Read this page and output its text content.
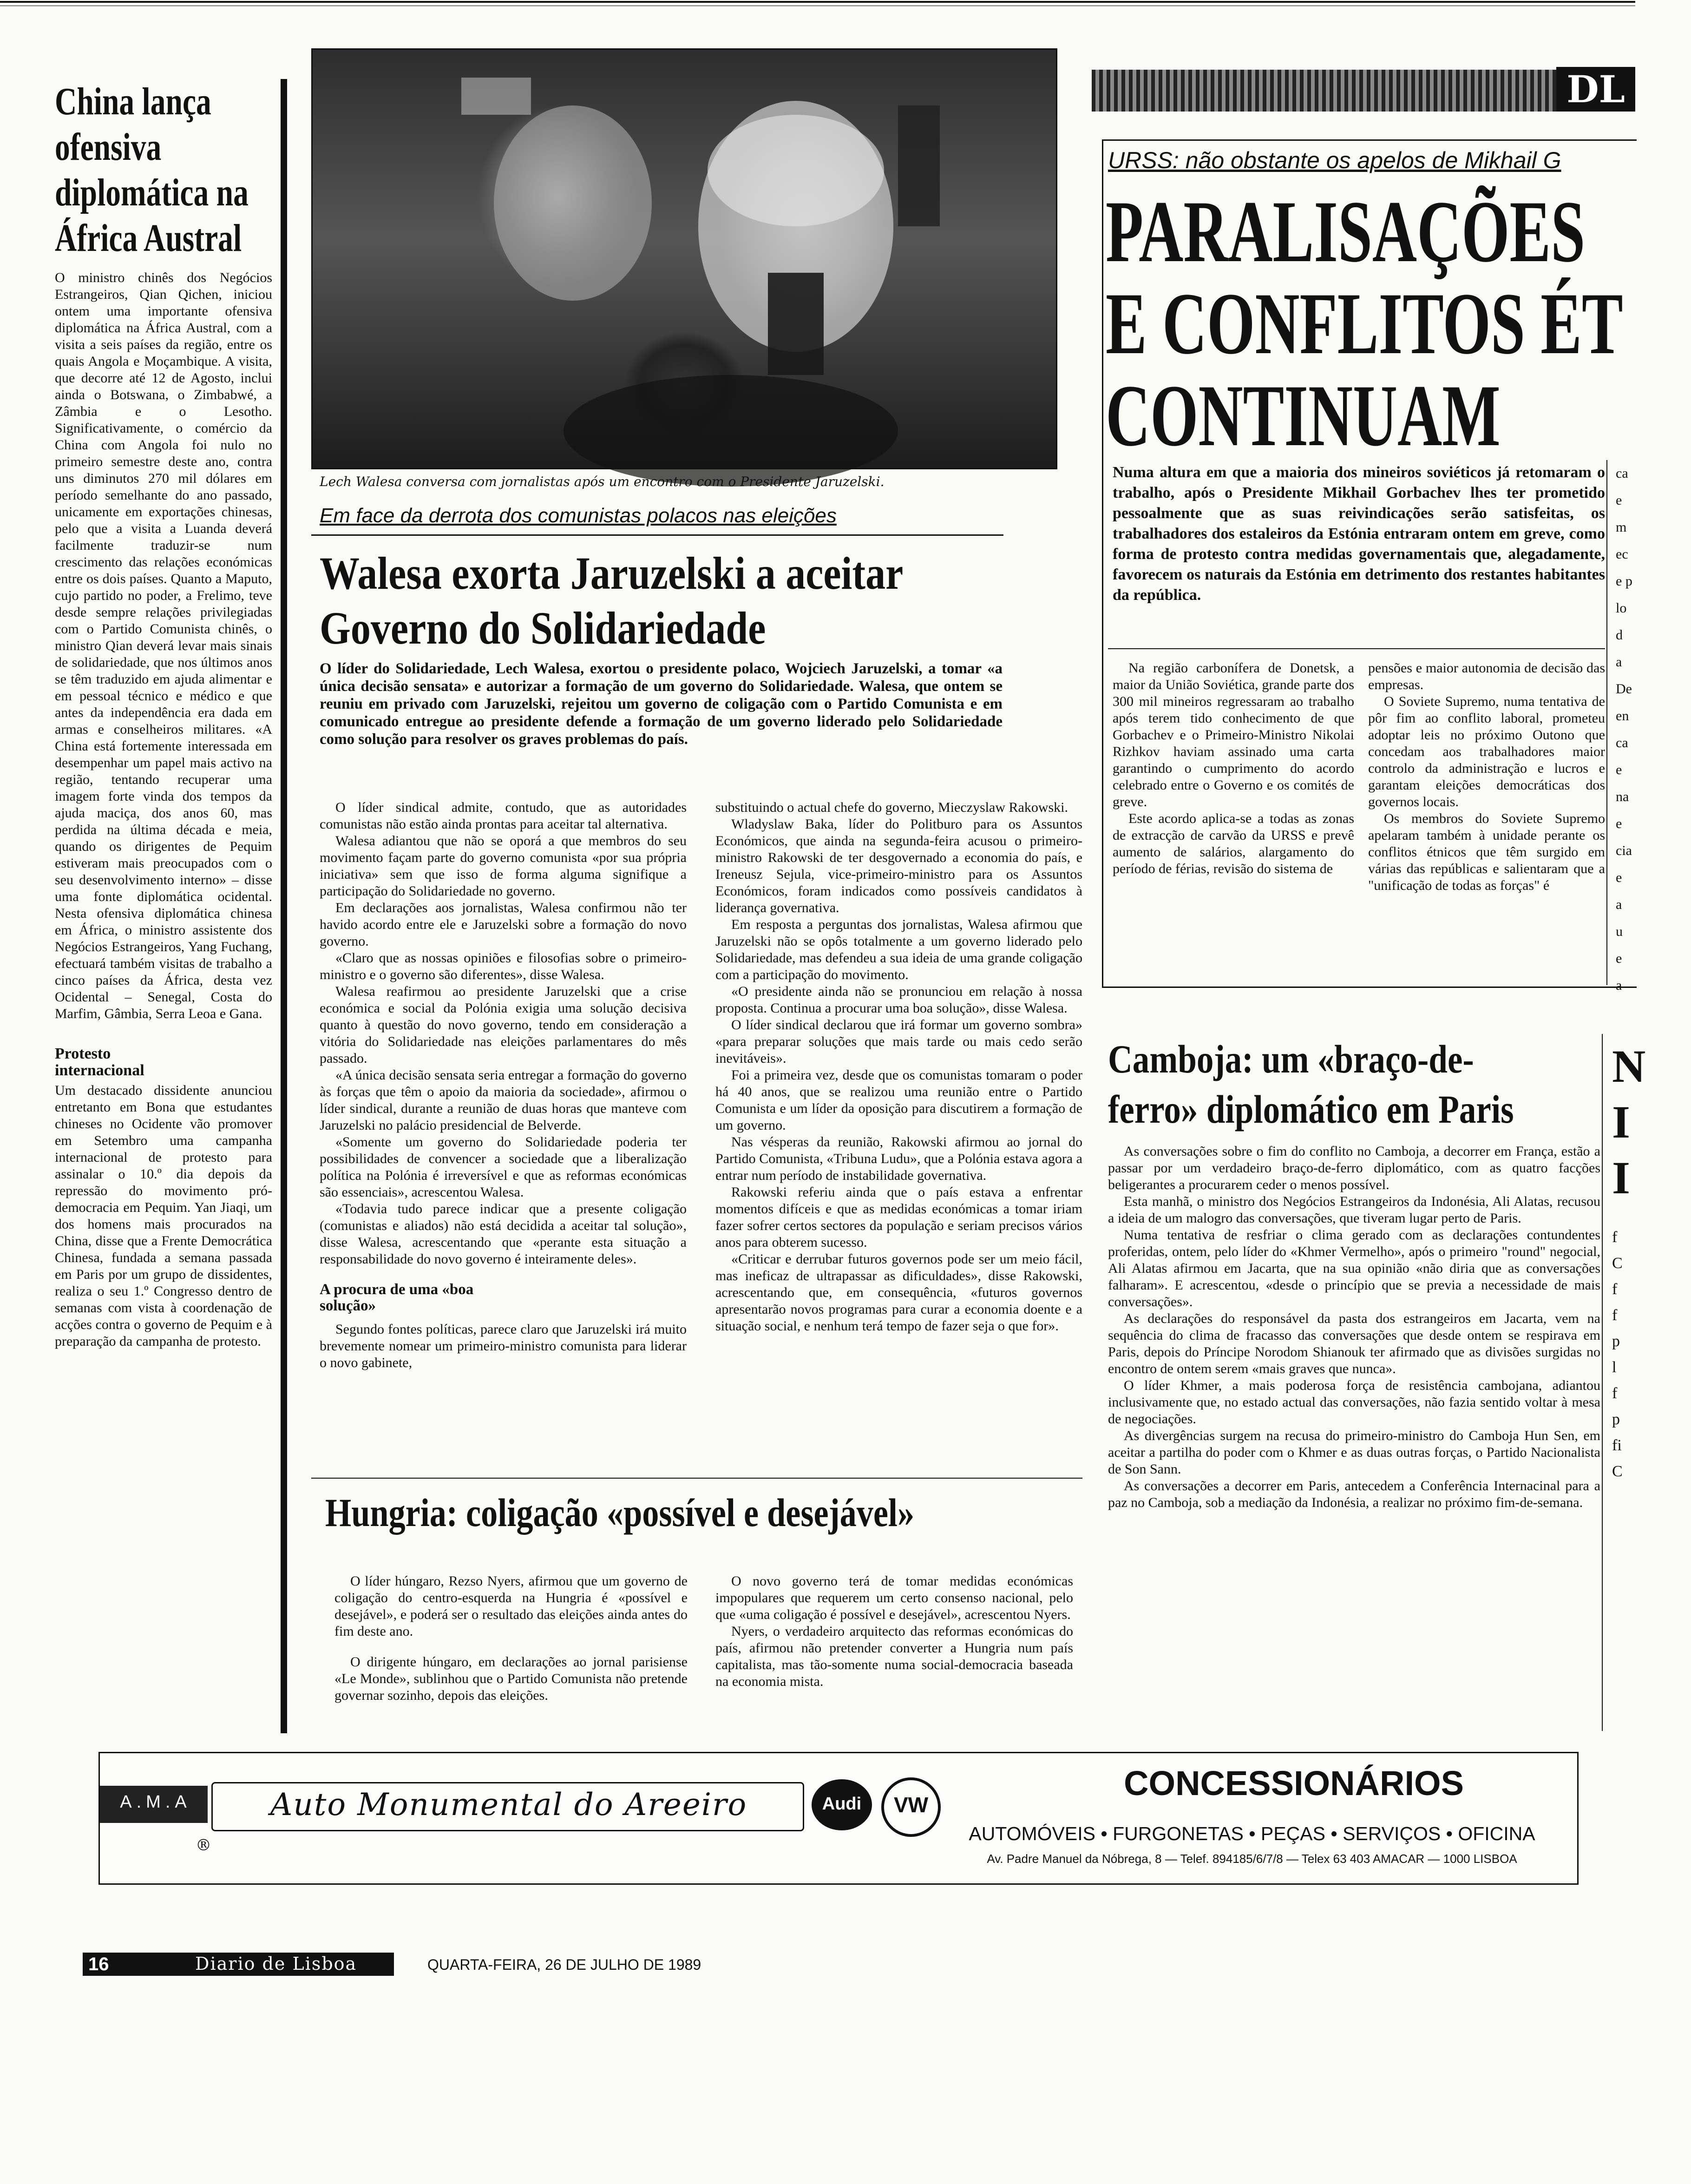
China lança ofensiva diplomática na África Austral

O ministro chinês dos Negócios Estrangeiros, Qian Qichen, iniciou ontem uma importante ofensiva diplomática na África Austral, com a visita a seis países da região, entre os quais Angola e Moçambique. A visita, que decorre até 12 de Agosto, inclui ainda o Botswana, o Zimbabwé, a Zâmbia e o Lesotho. Significativamente, o comércio da China com Angola foi nulo no primeiro semestre deste ano, contra uns diminutos 270 mil dólares em período semelhante do ano passado, unicamente em exportações chinesas, pelo que a visita a Luanda deverá facilmente traduzir-se num crescimento das relações económicas entre os dois países. Quanto a Maputo, cujo partido no poder, a Frelimo, teve desde sempre relações privilegiadas com o Partido Comunista chinês, o ministro Qian deverá levar mais sinais de solidariedade, que nos últimos anos se têm traduzido em ajuda alimentar e em pessoal técnico e médico e que antes da independência era dada em armas e conselheiros militares. «A China está fortemente interessada em desempenhar um papel mais activo na região, tentando recuperar uma imagem forte vinda dos tempos da ajuda maciça, dos anos 60, mas perdida na última década e meia, quando os dirigentes de Pequim estiveram mais preocupados com o seu desenvolvimento interno» – disse uma fonte diplomática ocidental. Nesta ofensiva diplomática chinesa em África, o ministro assistente dos Negócios Estrangeiros, Yang Fuchang, efectuará também visitas de trabalho a cinco países da África, desta vez Ocidental – Senegal, Costa do Marfim, Gâmbia, Serra Leoa e Gana.

Protesto internacional

Um destacado dissidente anunciou entretanto em Bona que estudantes chineses no Ocidente vão promover em Setembro uma campanha internacional de protesto para assinalar o 10.º dia depois da repressão do movimento pró-democracia em Pequim. Yan Jiaqi, um dos homens mais procurados na China, disse que a Frente Democrática Chinesa, fundada a semana passada em Paris por um grupo de dissidentes, realiza o seu 1.º Congresso dentro de semanas com vista à coordenação de acções contra o governo de Pequim e à preparação da campanha de protesto.

Lech Walesa conversa com jornalistas após um encontro com o Presidente Jaruzelski.
Em face da derrota dos comunistas polacos nas eleições
Walesa exorta Jaruzelski a aceitar Governo do Solidariedade

O líder do Solidariedade, Lech Walesa, exortou o presidente polaco, Wojciech Jaruzelski, a tomar «a única decisão sensata» e autorizar a formação de um governo do Solidariedade. Walesa, que ontem se reuniu em privado com Jaruzelski, rejeitou um governo de coligação com o Partido Comunista e em comunicado entregue ao presidente defende a formação de um governo liderado pelo Solidariedade como solução para resolver os graves problemas do país.

O líder sindical admite, contudo, que as autoridades comunistas não estão ainda prontas para aceitar tal alternativa.

Walesa adiantou que não se oporá a que membros do seu movimento façam parte do governo comunista «por sua própria iniciativa» sem que isso de forma alguma signifique a participação do Solidariedade no governo.

Em declarações aos jornalistas, Walesa confirmou não ter havido acordo entre ele e Jaruzelski sobre a formação do novo governo.

«Claro que as nossas opiniões e filosofias sobre o primeiro-ministro e o governo são diferentes», disse Walesa.

Walesa reafirmou ao presidente Jaruzelski que a crise económica e social da Polónia exigia uma solução decisiva quanto à questão do novo governo, tendo em consideração a vitória do Solidariedade nas eleições parlamentares do mês passado.

«A única decisão sensata seria entregar a formação do governo às forças que têm o apoio da maioria da sociedade», afirmou o líder sindical, durante a reunião de duas horas que manteve com Jaruzelski no palácio presidencial de Belverde.

«Somente um governo do Solidariedade poderia ter possibilidades de convencer a sociedade que a liberalização política na Polónia é irreversível e que as reformas económicas são essenciais», acrescentou Walesa.

«Todavia tudo parece indicar que a presente coligação (comunistas e aliados) não está decidida a aceitar tal solução», disse Walesa, acrescentando que «perante esta situação a responsabilidade do novo governo é inteiramente deles».

A procura de uma «boa solução»

Segundo fontes políticas, parece claro que Jaruzelski irá muito brevemente nomear um primeiro-ministro comunista para liderar o novo gabinete,

substituindo o actual chefe do governo, Mieczyslaw Rakowski.

Wladyslaw Baka, líder do Politburo para os Assuntos Económicos, que ainda na segunda-feira acusou o primeiro-ministro Rakowski de ter desgovernado a economia do país, e Ireneusz Sejula, vice-primeiro-ministro para os Assuntos Económicos, foram indicados como possíveis candidatos à liderança governativa.

Em resposta a perguntas dos jornalistas, Walesa afirmou que Jaruzelski não se opôs totalmente a um governo liderado pelo Solidariedade, mas defendeu a sua ideia de uma grande coligação com a participação do movimento.

«O presidente ainda não se pronunciou em relação à nossa proposta. Continua a procurar uma boa solução», disse Walesa.

O líder sindical declarou que irá formar um governo sombra» «para preparar soluções que mais tarde ou mais cedo serão inevitáveis».

Foi a primeira vez, desde que os comunistas tomaram o poder há 40 anos, que se realizou uma reunião entre o Partido Comunista e um líder da oposição para discutirem a formação de um governo.

Nas vésperas da reunião, Rakowski afirmou ao jornal do Partido Comunista, «Tribuna Ludu», que a Polónia estava agora a entrar num período de instabilidade governativa.

Rakowski referiu ainda que o país estava a enfrentar momentos difíceis e que as medidas económicas a tomar iriam fazer sofrer certos sectores da população e seriam precisos vários anos para obterem sucesso.

«Criticar e derrubar futuros governos pode ser um meio fácil, mas ineficaz de ultrapassar as dificuldades», disse Rakowski, acrescentando que, em consequência, «futuros governos apresentarão novos programas para curar a economia doente e a situação social, e nenhum terá tempo de fazer seja o que for».

Hungria: coligação «possível e desejável»

O líder húngaro, Rezso Nyers, afirmou que um governo de coligação do centro-esquerda na Hungria é «possível e desejável», e poderá ser o resultado das eleições ainda antes do fim deste ano.

O dirigente húngaro, em declarações ao jornal parisiense «Le Monde», sublinhou que o Partido Comunista não pretende governar sozinho, depois das eleições.

O novo governo terá de tomar medidas económicas impopulares que requerem um certo consenso nacional, pelo que «uma coligação é possível e desejável», acrescentou Nyers.

Nyers, o verdadeiro arquitecto das reformas económicas do país, afirmou não pretender converter a Hungria num país capitalista, mas tão-somente numa social-democracia baseada na economia mista.

DL
URSS: não obstante os apelos de Mikhail G
PARALISAÇÕES
E CONFLITOS ÉT
CONTINUAM

Numa altura em que a maioria dos mineiros soviéticos já retomaram o trabalho, após o Presidente Mikhail Gorbachev lhes ter prometido pessoalmente que as suas reivindicações serão satisfeitas, os trabalhadores dos estaleiros da Estónia entraram ontem em greve, como forma de protesto contra medidas governamentais que, alegadamente, favorecem os naturais da Estónia em detrimento dos restantes habitantes da república.

Na região carbonífera de Donetsk, a maior da União Soviética, grande parte dos 300 mil mineiros regressaram ao trabalho após terem tido conhecimento de que Gorbachev e o Primeiro-Ministro Nikolai Rizhkov haviam assinado uma carta garantindo o cumprimento do acordo celebrado entre o Governo e os comités de greve.

Este acordo aplica-se a todas as zonas de extracção de carvão da URSS e prevê aumento de salários, alargamento do período de férias, revisão do sistema de

pensões e maior autonomia de decisão das empresas.

O Soviete Supremo, numa tentativa de pôr fim ao conflito laboral, prometeu adoptar leis no próximo Outono que concedam aos trabalhadores maior controlo da administração e lucros e garantam eleições democráticas dos governos locais.

Os membros do Soviete Supremo apelaram também à unidade perante os conflitos étnicos que têm surgido em várias das repúblicas e salientaram que a "unificação de todas as forças" é

ca
e
m
ec
e p
lo
d
a
De
en
ca
e
na
e
cia
e
a
u
e
a
Camboja: um «braço-de-ferro» diplomático em Paris

As conversações sobre o fim do conflito no Camboja, a decorrer em França, estão a passar por um verdadeiro braço-de-ferro diplomático, com as quatro facções beligerantes a procurarem ceder o menos possível.

Esta manhã, o ministro dos Negócios Estrangeiros da Indonésia, Ali Alatas, recusou a ideia de um malogro das conversações, que tiveram lugar perto de Paris.

Numa tentativa de resfriar o clima gerado com as declarações contundentes proferidas, ontem, pelo líder do «Khmer Vermelho», após o primeiro "round" negocial, Ali Alatas afirmou em Jacarta, que na sua opinião «não diria que as conversações falharam». E acrescentou, «desde o princípio que se previa a necessidade de mais conversações».

As declarações do responsável da pasta dos estrangeiros em Jacarta, vem na sequência do clima de fracasso das conversações que desde ontem se respirava em Paris, depois do Príncipe Norodom Shianouk ter afirmado que as divisões surgidas no encontro de ontem serem «mais graves que nunca».

O líder Khmer, a mais poderosa força de resistência cambojana, adiantou inclusivamente que, no estado actual das conversações, não fazia sentido voltar à mesa de negociações.

As divergências surgem na recusa do primeiro-ministro do Camboja Hun Sen, em aceitar a partilha do poder com o Khmer e as duas outras forças, o Partido Nacionalista de Son Sann.

As conversações a decorrer em Paris, antecedem a Conferência Internacinal para a paz no Camboja, sob a mediação da Indonésia, a realizar no próximo fim-de-semana.

N
I
I
f
C
f
f
p
l
f
p
fi
C
A.M.A	Auto Monumental do Areeiro
®
Audi	VW
CONCESSIONÁRIOS
AUTOMÓVEIS • FURGONETAS • PEÇAS • SERVIÇOS • OFICINA
Av. Padre Manuel da Nóbrega, 8 — Telef. 894185/6/7/8 — Telex 63 403 AMACAR — 1000 LISBOA
16	Diario de Lisboa	QUARTA-FEIRA, 26 DE JULHO DE 1989
